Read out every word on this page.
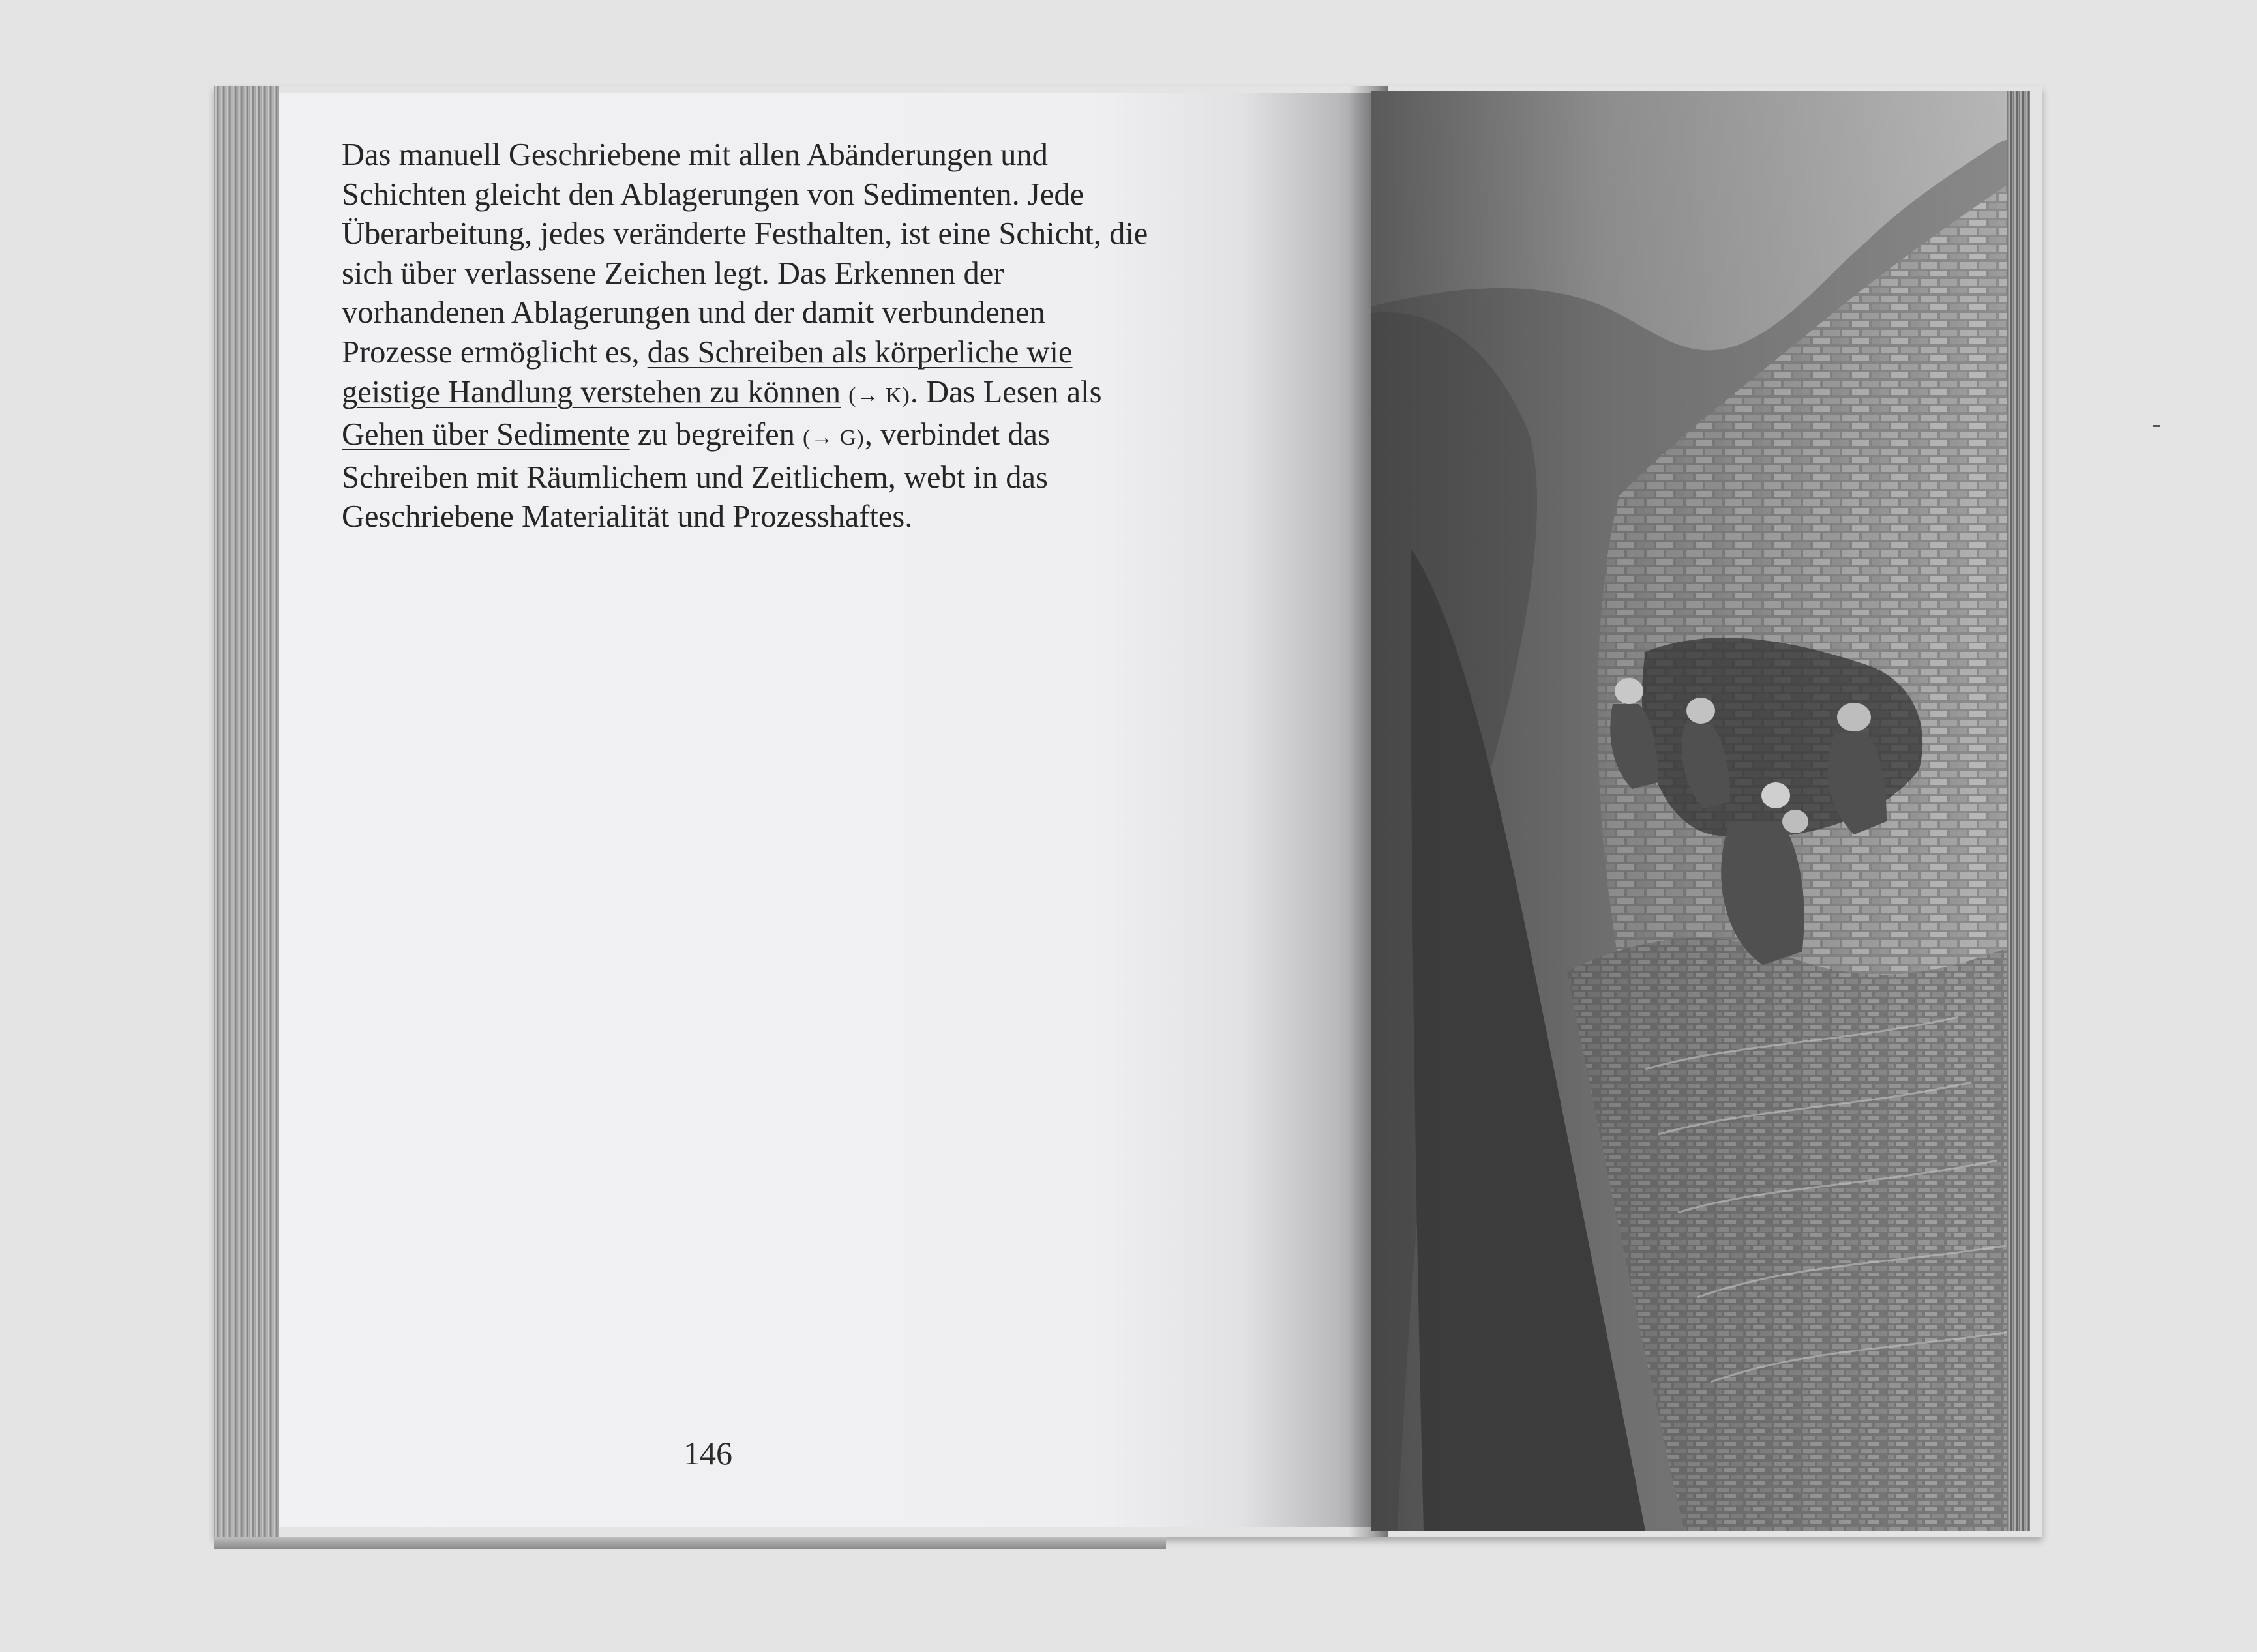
Das manuell Geschriebene mit allen Abänderungen und Schichten gleicht den Ablagerungen von Sedimenten. Jede Überarbeitung, jedes veränderte Festhalten, ist eine Schicht, die sich über verlassene Zeichen legt. Das Erkennen der vorhandenen Ablagerungen und der damit verbundenen Prozesse ermöglicht es, das Schreiben als körperliche wie geistige Handlung verstehen zu können (→ K). Das Lesen als Gehen über Sedimente zu begreifen (→ G), verbindet das Schreiben mit Räumlichem und Zeitlichem, webt in das Geschriebene Materialität und Prozesshaftes.

146
